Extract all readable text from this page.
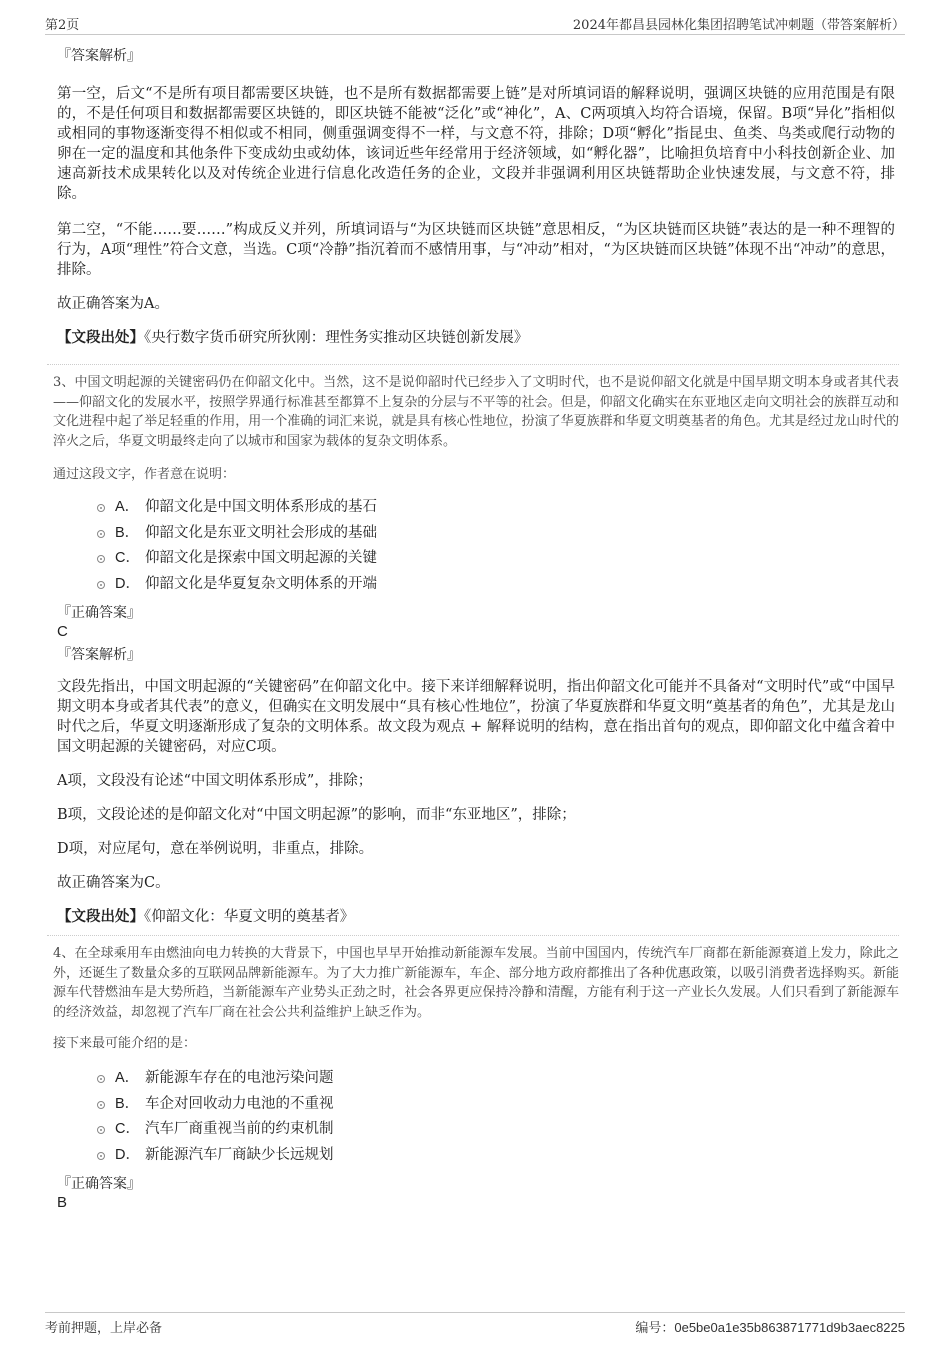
第2页	2024年都昌县园林化集团招聘笔试冲刺题（带答案解析）

『答案解析』

第一空，后文“不是所有项目都需要区块链，也不是所有数据都需要上链”是对所填词语的解释说明，强调区块链的应用范围是有限的，不是任何项目和数据都需要区块链的，即区块链不能被“泛化”或“神化”，A、C两项填入均符合语境，保留。B项“异化”指相似或相同的事物逐渐变得不相似或不相同，侧重强调变得不一样，与文意不符，排除；D项“孵化”指昆虫、鱼类、鸟类或爬行动物的卵在一定的温度和其他条件下变成幼虫或幼体，该词近些年经常用于经济领域，如“孵化器”，比喻担负培育中小科技创新企业、加速高新技术成果转化以及对传统企业进行信息化改造任务的企业，文段并非强调利用区块链帮助企业快速发展，与文意不符，排除。

第二空，“不能……要……”构成反义并列，所填词语与“为区块链而区块链”意思相反，“为区块链而区块链”表达的是一种不理智的行为，A项“理性”符合文意，当选。C项“冷静”指沉着而不感情用事，与“冲动”相对，“为区块链而区块链”体现不出“冲动”的意思，排除。

故正确答案为A。

【文段出处】《央行数字货币研究所狄刚：理性务实推动区块链创新发展》

3、中国文明起源的关键密码仍在仰韶文化中。当然，这不是说仰韶时代已经步入了文明时代，也不是说仰韶文化就是中国早期文明本身或者其代表——仰韶文化的发展水平，按照学界通行标准甚至都算不上复杂的分层与不平等的社会。但是，仰韶文化确实在东亚地区走向文明社会的族群互动和文化进程中起了举足轻重的作用，用一个准确的词汇来说，就是具有核心性地位，扮演了华夏族群和华夏文明奠基者的角色。尤其是经过龙山时代的淬火之后，华夏文明最终走向了以城市和国家为载体的复杂文明体系。

通过这段文字，作者意在说明：

A． 仰韶文化是中国文明体系形成的基石
B． 仰韶文化是东亚文明社会形成的基础
C． 仰韶文化是探索中国文明起源的关键
D． 仰韶文化是华夏复杂文明体系的开端

『正确答案』

C

『答案解析』

文段先指出，中国文明起源的“关键密码”在仰韶文化中。接下来详细解释说明，指出仰韶文化可能并不具备对“文明时代”或“中国早期文明本身或者其代表”的意义，但确实在文明发展中“具有核心性地位”，扮演了华夏族群和华夏文明“奠基者的角色”，尤其是龙山时代之后，华夏文明逐渐形成了复杂的文明体系。故文段为观点 + 解释说明的结构，意在指出首句的观点，即仰韶文化中蕴含着中国文明起源的关键密码，对应C项。

A项，文段没有论述“中国文明体系形成”，排除；

B项，文段论述的是仰韶文化对“中国文明起源”的影响，而非“东亚地区”，排除；

D项，对应尾句，意在举例说明，非重点，排除。

故正确答案为C。

【文段出处】《仰韶文化：华夏文明的奠基者》

4、在全球乘用车由燃油向电力转换的大背景下，中国也早早开始推动新能源车发展。当前中国国内，传统汽车厂商都在新能源赛道上发力，除此之外，还诞生了数量众多的互联网品牌新能源车。为了大力推广新能源车，车企、部分地方政府都推出了各种优惠政策，以吸引消费者选择购买。新能源车代替燃油车是大势所趋，当新能源车产业势头正劲之时，社会各界更应保持冷静和清醒，方能有利于这一产业长久发展。人们只看到了新能源车的经济效益，却忽视了汽车厂商在社会公共利益维护上缺乏作为。

接下来最可能介绍的是：

A． 新能源车存在的电池污染问题
B． 车企对回收动力电池的不重视
C． 汽车厂商重视当前的约束机制
D． 新能源汽车厂商缺少长远规划

『正确答案』

B

考前押题，上岸必备	编号：0e5be0a1e35b863871771d9b3aec8225
